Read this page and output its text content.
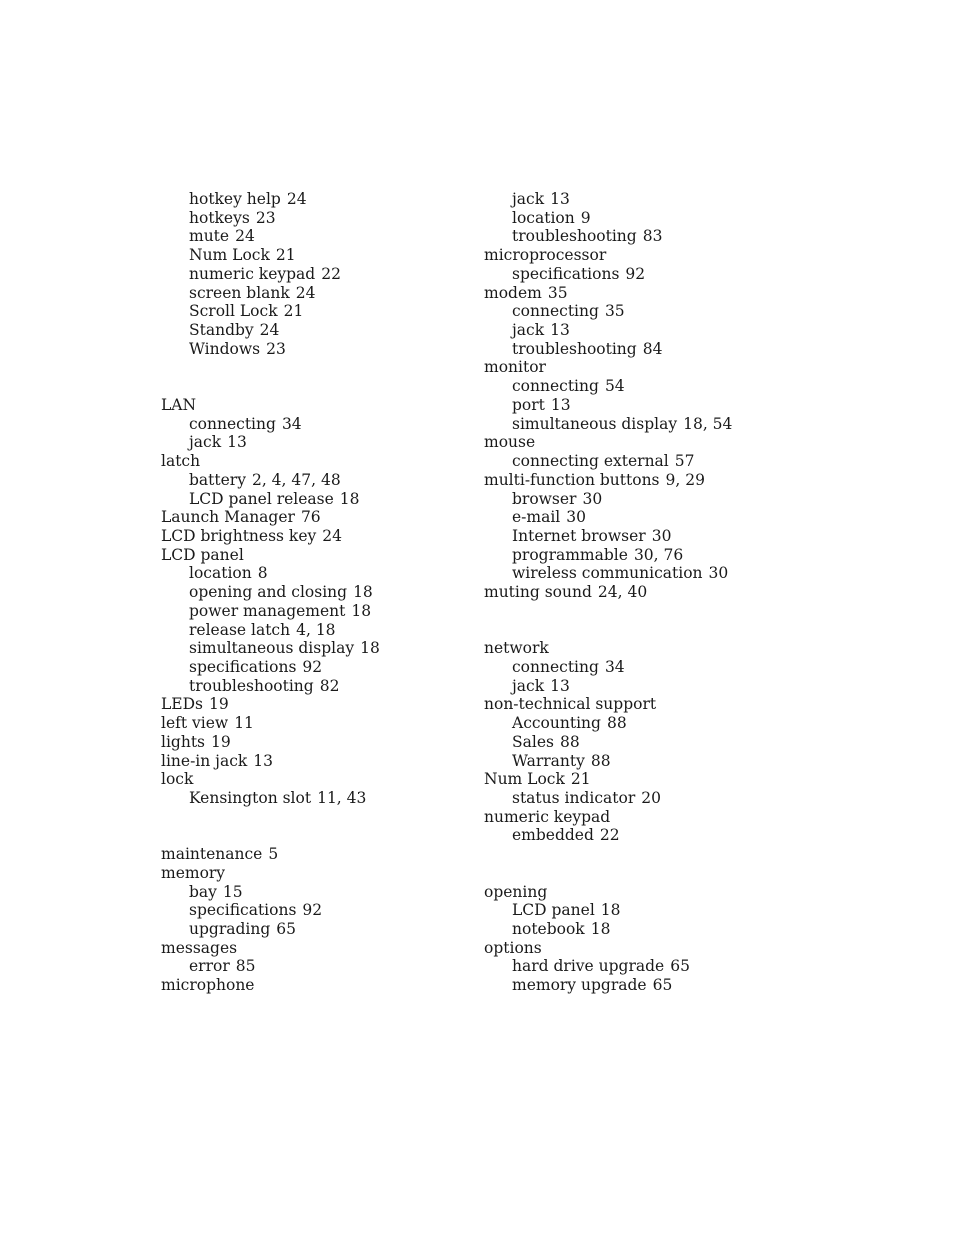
hotkey help 24
hotkeys 23
mute 24
Num Lock 21
numeric keypad 22
screen blank 24
Scroll Lock 21
Standby 24
Windows 23
LAN
connecting 34
jack 13
latch
battery 2, 4, 47, 48
LCD panel release 18
Launch Manager 76
LCD brightness key 24
LCD panel
location 8
opening and closing 18
power management 18
release latch 4, 18
simultaneous display 18
specifications 92
troubleshooting 82
LEDs 19
left view 11
lights 19
line-in jack 13
lock
Kensington slot 11, 43
maintenance 5
memory
bay 15
specifications 92
upgrading 65
messages
error 85
microphone
jack 13
location 9
troubleshooting 83
microprocessor
specifications 92
modem 35
connecting 35
jack 13
troubleshooting 84
monitor
connecting 54
port 13
simultaneous display 18, 54
mouse
connecting external 57
multi-function buttons 9, 29
browser 30
e-mail 30
Internet browser 30
programmable 30, 76
wireless communication 30
muting sound 24, 40
network
connecting 34
jack 13
non-technical support
Accounting 88
Sales 88
Warranty 88
Num Lock 21
status indicator 20
numeric keypad
embedded 22
opening
LCD panel 18
notebook 18
options
hard drive upgrade 65
memory upgrade 65
